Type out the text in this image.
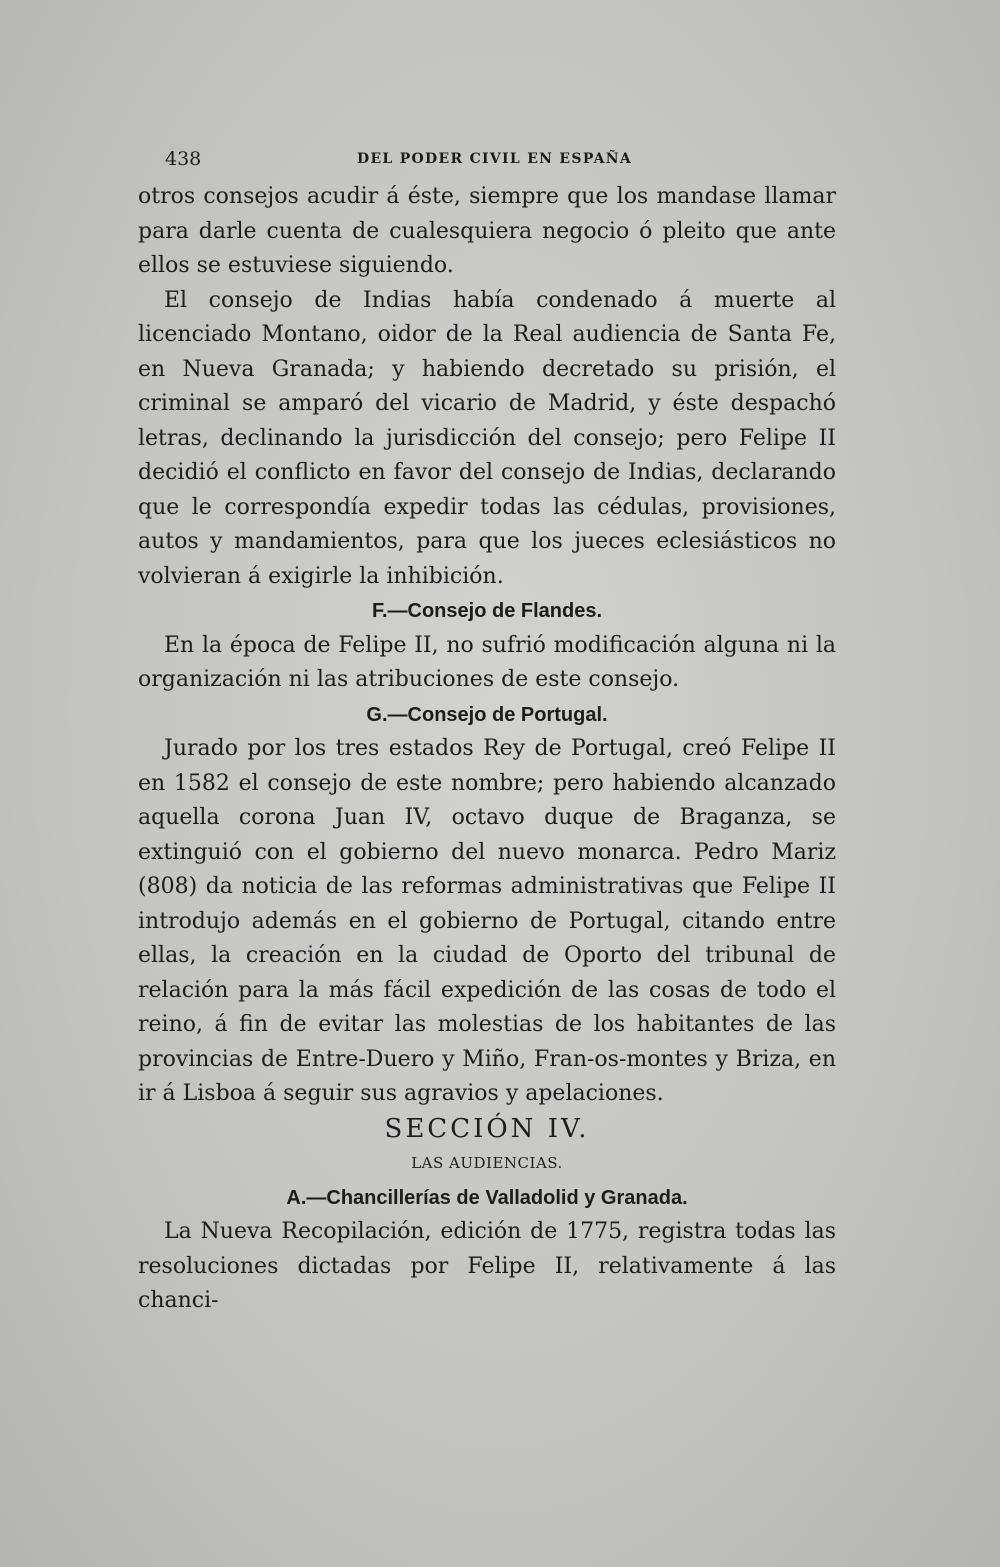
438	DEL PODER CIVIL EN ESPAÑA

otros consejos acudir á éste, siempre que los mandase llamar para darle cuenta de cualesquiera negocio ó pleito que ante ellos se estuviese siguiendo.

El consejo de Indias había condenado á muerte al licenciado Montano, oidor de la Real audiencia de Santa Fe, en Nueva Granada; y habiendo decretado su prisión, el criminal se amparó del vicario de Madrid, y éste despachó letras, declinando la jurisdicción del consejo; pero Felipe II decidió el conflicto en favor del consejo de Indias, declarando que le correspondía expedir todas las cédulas, provisiones, autos y mandamientos, para que los jueces eclesiásticos no volvieran á exigirle la inhibición.

F.—Consejo de Flandes.

En la época de Felipe II, no sufrió modificación alguna ni la organización ni las atribuciones de este consejo.

G.—Consejo de Portugal.

Jurado por los tres estados Rey de Portugal, creó Felipe II en 1582 el consejo de este nombre; pero habiendo alcanzado aquella corona Juan IV, octavo duque de Braganza, se extinguió con el gobierno del nuevo monarca. Pedro Mariz (808) da noticia de las reformas administrativas que Felipe II introdujo además en el gobierno de Portugal, citando entre ellas, la creación en la ciudad de Oporto del tribunal de relación para la más fácil expedición de las cosas de todo el reino, á fin de evitar las molestias de los habitantes de las provincias de Entre-Duero y Miño, Fran-os-montes y Briza, en ir á Lisboa á seguir sus agravios y apelaciones.

SECCIÓN IV.

LAS AUDIENCIAS.

A.—Chancillerías de Valladolid y Granada.

La Nueva Recopilación, edición de 1775, registra todas las resoluciones dictadas por Felipe II, relativamente á las chanci-
